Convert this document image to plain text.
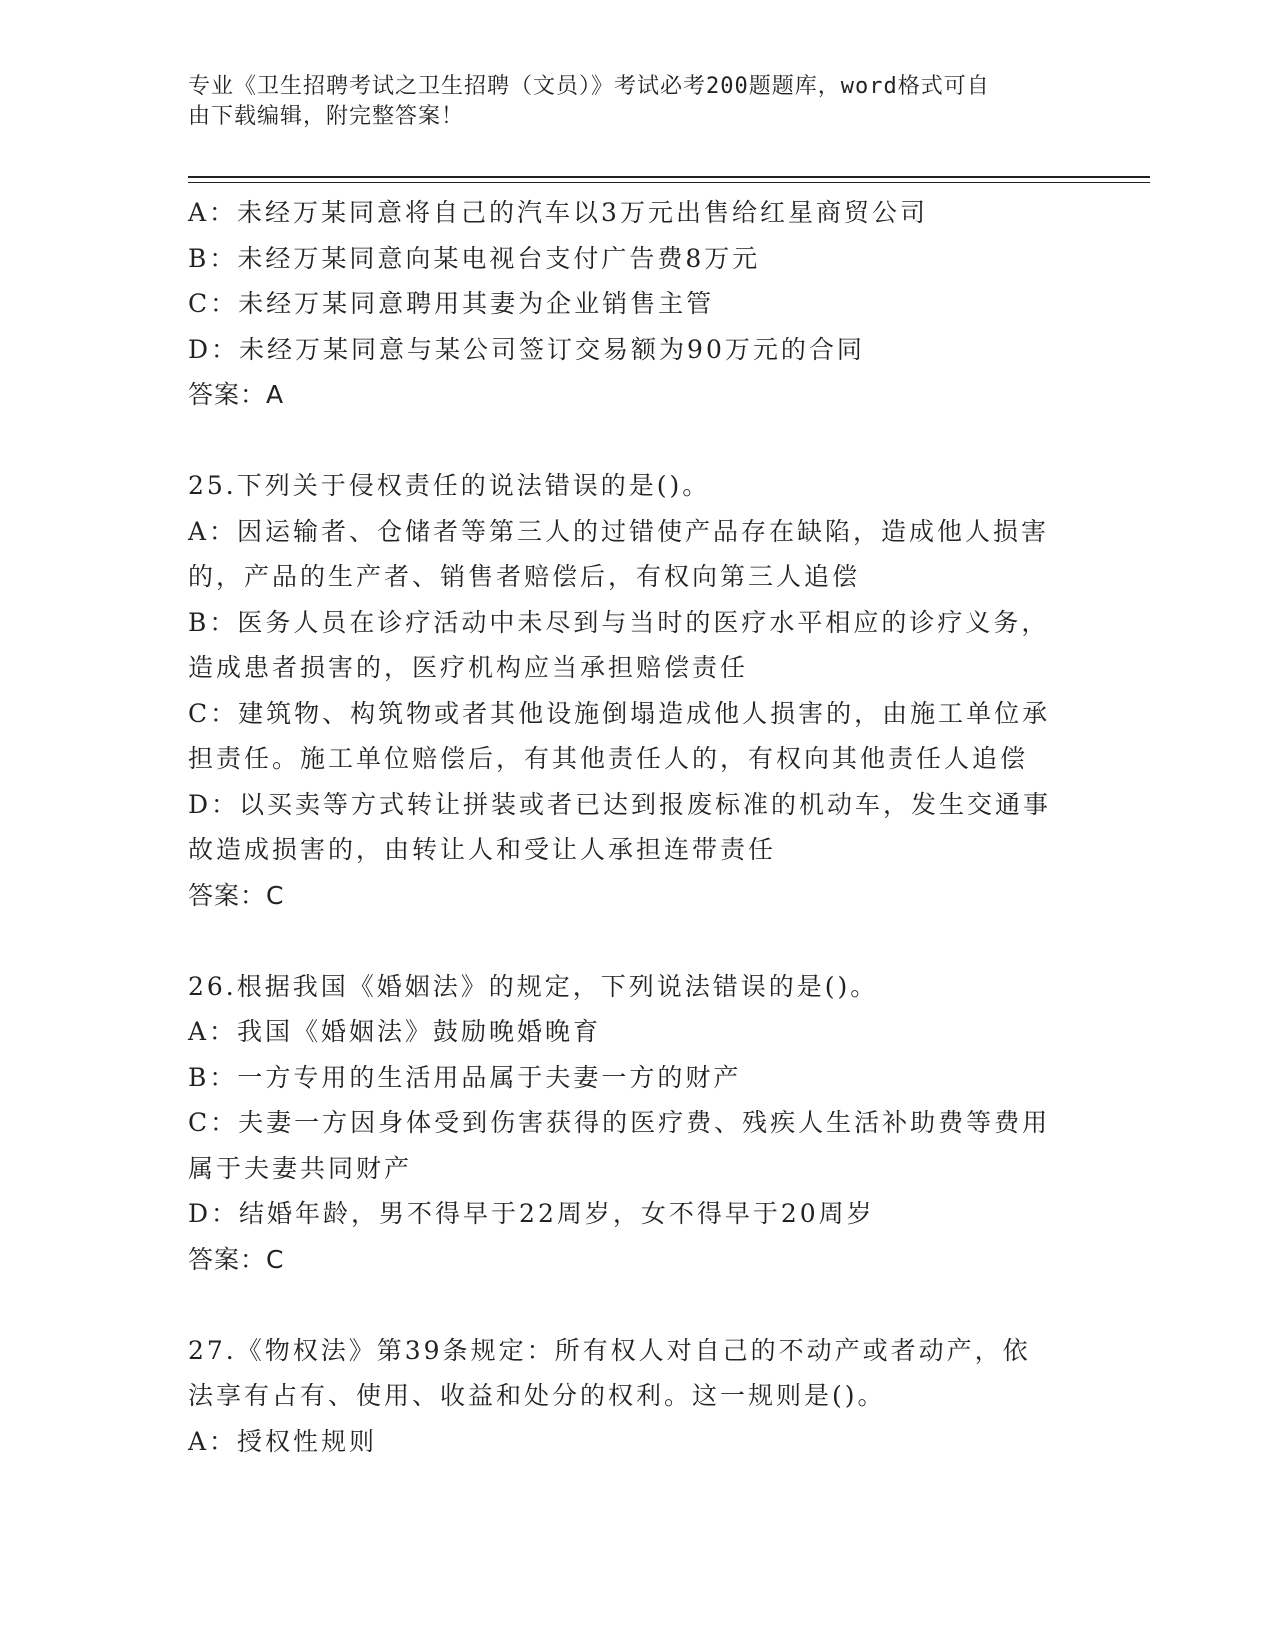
专业《卫生招聘考试之卫生招聘（文员）》考试必考200题题库，word格式可自
由下载编辑，附完整答案！
A：未经万某同意将自己的汽车以3万元出售给红星商贸公司
B：未经万某同意向某电视台支付广告费8万元
C：未经万某同意聘用其妻为企业销售主管
D：未经万某同意与某公司签订交易额为90万元的合同
答案：A
25.下列关于侵权责任的说法错误的是()。
A：因运输者、仓储者等第三人的过错使产品存在缺陷，造成他人损害
的，产品的生产者、销售者赔偿后，有权向第三人追偿
B：医务人员在诊疗活动中未尽到与当时的医疗水平相应的诊疗义务，
造成患者损害的，医疗机构应当承担赔偿责任
C：建筑物、构筑物或者其他设施倒塌造成他人损害的，由施工单位承
担责任。施工单位赔偿后，有其他责任人的，有权向其他责任人追偿
D：以买卖等方式转让拼装或者已达到报废标准的机动车，发生交通事
故造成损害的，由转让人和受让人承担连带责任
答案：C
26.根据我国《婚姻法》的规定，下列说法错误的是()。
A：我国《婚姻法》鼓励晚婚晚育
B：一方专用的生活用品属于夫妻一方的财产
C：夫妻一方因身体受到伤害获得的医疗费、残疾人生活补助费等费用
属于夫妻共同财产
D：结婚年龄，男不得早于22周岁，女不得早于20周岁
答案：C
27.《物权法》第39条规定：所有权人对自己的不动产或者动产，依
法享有占有、使用、收益和处分的权利。这一规则是()。
A：授权性规则
